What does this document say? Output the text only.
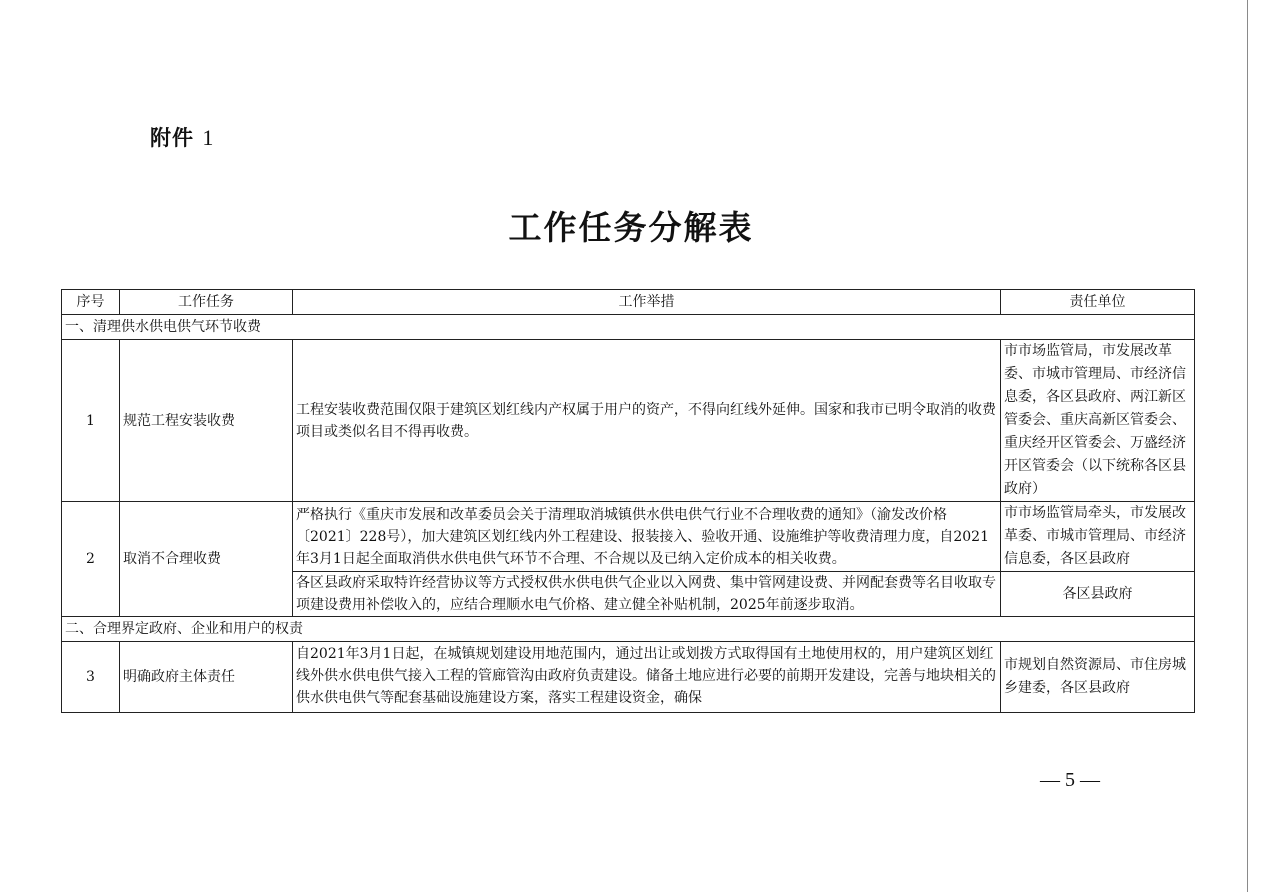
附件 1
工作任务分解表
序号	工作任务	工作举措	责任单位
一、清理供水供电供气环节收费			
1	规范工程安装收费	工程安装收费范围仅限于建筑区划红线内产权属于用户的资产，不得向红线外延伸。国家和我市已明令取消的收费项目或类似名目不得再收费。	市市场监管局，市发展改革委、市城市管理局、市经济信息委，各区县政府、两江新区管委会、重庆高新区管委会、重庆经开区管委会、万盛经济开区管委会（以下统称各区县政府）
2	取消不合理收费	严格执行《重庆市发展和改革委员会关于清理取消城镇供水供电供气行业不合理收费的通知》（渝发改价格〔2021〕228号），加大建筑区划红线内外工程建设、报装接入、验收开通、设施维护等收费清理力度，自2021年3月1日起全面取消供水供电供气环节不合理、不合规以及已纳入定价成本的相关收费。	市市场监管局牵头，市发展改革委、市城市管理局、市经济信息委，各区县政府
		各区县政府采取特许经营协议等方式授权供水供电供气企业以入网费、集中管网建设费、并网配套费等名目收取专项建设费用补偿收入的，应结合理顺水电气价格、建立健全补贴机制，2025年前逐步取消。	各区县政府
二、合理界定政府、企业和用户的权责			
3	明确政府主体责任	自2021年3月1日起，在城镇规划建设用地范围内，通过出让或划拨方式取得国有土地使用权的，用户建筑区划红线外供水供电供气接入工程的管廊管沟由政府负责建设。储备土地应进行必要的前期开发建设，完善与地块相关的供水供电供气等配套基础设施建设方案，落实工程建设资金，确保	市规划自然资源局、市住房城乡建委，各区县政府
— 5 —
